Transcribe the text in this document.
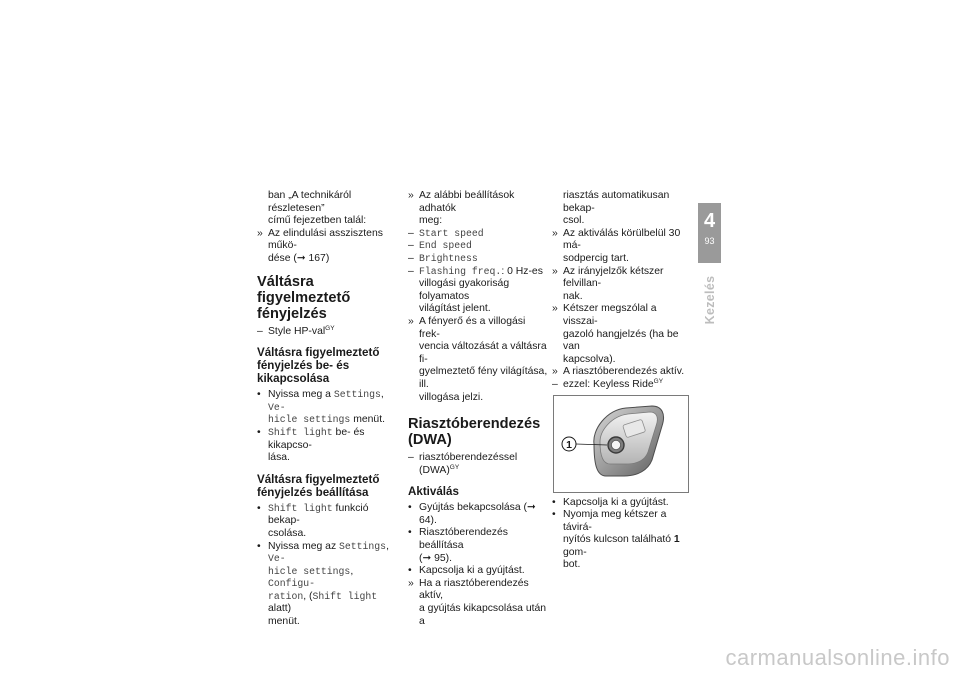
ban „A technikáról részletesen”
című fejezetben talál:

» Az elindulási asszisztens műkö-
dése (➞ 167)

Váltásra figyelmeztető fényjelzés

– Style HP-val$^{GY}$

Váltásra figyelmeztető fényjelzés be- és kikapcsolása

• Nyissa meg a Settings, Ve-
hicle settings menüt.

• Shift light be- és kikapcso-
lása.

Váltásra figyelmeztető fényjelzés beállítása

• Shift light funkció bekap-
csolása.

• Nyissa meg az Settings, Ve-
hicle settings, Configu-
ration, (Shift light alatt)
menüt.

» Az alábbi beállítások adhatók
meg:

– Start speed

– End speed

– Brightness

– Flashing freq.: 0 Hz-es
villogási gyakoriság folyamatos
világítást jelent.

» A fényerő és a villogási frek-
vencia változását a váltásra fi-
gyelmeztető fény világítása, ill.
villogása jelzi.

Riasztóberendezés (DWA)

– riasztóberendezéssel (DWA)$^{GY}$

Aktiválás

• Gyújtás bekapcsolása (➞ 64).

• Riasztóberendezés beállítása
(➞ 95).

• Kapcsolja ki a gyújtást.

» Ha a riasztóberendezés aktív,
a gyújtás kikapcsolása után a

riasztás automatikusan bekap-
csol.

» Az aktiválás körülbelül 30 má-
sodpercig tart.

» Az irányjelzők kétszer felvillan-
nak.

» Kétszer megszólal a visszai-
gazoló hangjelzés (ha be van
kapcsolva).

» A riasztóberendezés aktív.

– ezzel: Keyless Ride$^{GY}$

1

• Kapcsolja ki a gyújtást.

• Nyomja meg kétszer a távirá-
nyítós kulcson található 1 gom-
bot.

4
93
Kezelés
carmanualsonline.info
